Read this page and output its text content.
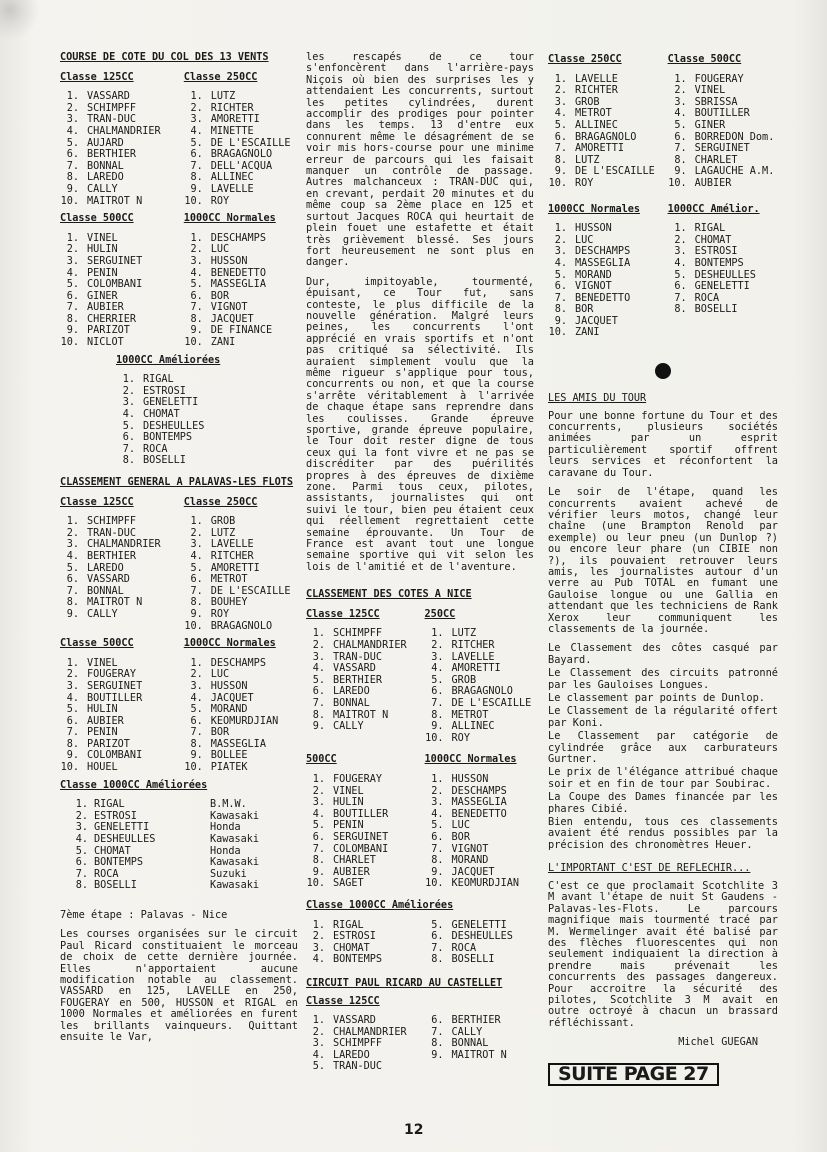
COURSE DE COTE DU COL DES 13 VENTS
Classe 125CC
1. VASSARD
2. SCHIMPFF
3. TRAN-DUC
4. CHALMANDRIER
5. AUJARD
6. BERTHIER
7. BONNAL
8. LAREDO
9. CALLY
10. MAITROT N
Classe 250CC
1. LUTZ
2. RICHTER
3. AMORETTI
4. MINETTE
5. DE L'ESCAILLE
6. BRAGAGNOLO
7. DELL'ACQUA
8. ALLINEC
9. LAVELLE
10. ROY
Classe 500CC
1. VINEL
2. HULIN
3. SERGUINET
4. PENIN
5. COLOMBANI
6. GINER
7. AUBIER
8. CHERRIER
9. PARIZOT
10. NICLOT
1000CC Normales
1. DESCHAMPS
2. LUC
3. HUSSON
4. BENEDETTO
5. MASSEGLIA
6. BOR
7. VIGNOT
8. JACQUET
9. DE FINANCE
10. ZANI
1000CC Améliorées
1. RIGAL
2. ESTROSI
3. GENELETTI
4. CHOMAT
5. DESHEULLES
6. BONTEMPS
7. ROCA
8. BOSELLI
CLASSEMENT GENERAL A PALAVAS-LES FLOTS
Classe 125CC
1. SCHIMPFF
2. TRAN-DUC
3. CHALMANDRIER
4. BERTHIER
5. LAREDO
6. VASSARD
7. BONNAL
8. MAITROT N
9. CALLY
Classe 250CC
1. GROB
2. LUTZ
3. LAVELLE
4. RITCHER
5. AMORETTI
6. METROT
7. DE L'ESCAILLE
8. BOUHEY
9. ROY
10. BRAGAGNOLO
Classe 500CC
1. VINEL
2. FOUGERAY
3. SERGUINET
4. BOUTILLER
5. HULIN
6. AUBIER
7. PENIN
8. PARIZOT
9. COLOMBANI
10. HOUEL
1000CC Normales
1. DESCHAMPS
2. LUC
3. HUSSON
4. JACQUET
5. MORAND
6. KEOMURDJIAN
7. BOR
8. MASSEGLIA
9. BOLLEE
10. PIATEK
Classe 1000CC Améliorées
1. RIGAL	B.M.W.
2. ESTROSI	Kawasaki
3. GENELETTI	Honda
4. DESHEULLES	Kawasaki
5. CHOMAT	Honda
6. BONTEMPS	Kawasaki
7. ROCA	Suzuki
8. BOSELLI	Kawasaki

7ème étape : Palavas - Nice

Les courses organisées sur le circuit Paul Ricard constituaient le morceau de choix de cette dernière journée. Elles n'apportaient aucune modification notable au classement. VASSARD en 125, LAVELLE en 250, FOUGERAY en 500, HUSSON et RIGAL en 1000 Normales et améliorées en furent les brillants vainqueurs. Quittant ensuite le Var,

les rescapés de ce tour s'enfoncèrent dans l'arrière-pays Niçois où bien des surprises les y attendaient Les concurrents, surtout les petites cylindrées, durent accomplir des prodiges pour pointer dans les temps. 13 d'entre eux connurent même le désagrément de se voir mis hors-course pour une minime erreur de parcours qui les faisait manquer un contrôle de passage. Autres malchanceux : TRAN-DUC qui, en crevant, perdait 20 minutes et du même coup sa 2ème place en 125 et surtout Jacques ROCA qui heurtait de plein fouet une estafette et était très grièvement blessé. Ses jours fort heureusement ne sont plus en danger.

Dur, impitoyable, tourmenté, épuisant, ce Tour fut, sans conteste, le plus difficile de la nouvelle génération. Malgré leurs peines, les concurrents l'ont apprécié en vrais sportifs et n'ont pas critiqué sa sélectivité. Ils auraient simplement voulu que la même rigueur s'applique pour tous, concurrents ou non, et que la course s'arrête véritablement à l'arrivée de chaque étape sans reprendre dans les coulisses. Grande épreuve sportive, grande épreuve populaire, le Tour doit rester digne de tous ceux qui la font vivre et ne pas se discréditer par des puérilités propres à des épreuves de dixième zone. Parmi tous ceux, pilotes, assistants, journalistes qui ont suivi le tour, bien peu étaient ceux qui réellement regrettaient cette semaine éprouvante. Un Tour de France est avant tout une longue semaine sportive qui vit selon les lois de l'amitié et de l'aventure.

CLASSEMENT DES COTES A NICE
Classe 125CC
1. SCHIMPFF
2. CHALMANDRIER
3. TRAN-DUC
4. VASSARD
5. BERTHIER
6. LAREDO
7. BONNAL
8. MAITROT N
9. CALLY
250CC
1. LUTZ
2. RITCHER
3. LAVELLE
4. AMORETTI
5. GROB
6. BRAGAGNOLO
7. DE L'ESCAILLE
8. METROT
9. ALLINEC
10. ROY
500CC
1. FOUGERAY
2. VINEL
3. HULIN
4. BOUTILLER
5. PENIN
6. SERGUINET
7. COLOMBANI
8. CHARLET
9. AUBIER
10. SAGET
1000CC Normales
1. HUSSON
2. DESCHAMPS
3. MASSEGLIA
4. BENEDETTO
5. LUC
6. BOR
7. VIGNOT
8. MORAND
9. JACQUET
10. KEOMURDJIAN
Classe 1000CC Améliorées
1. RIGAL
2. ESTROSI
3. CHOMAT
4. BONTEMPS
5. GENELETTI
6. DESHEULLES
7. ROCA
8. BOSELLI
CIRCUIT PAUL RICARD AU CASTELLET
Classe 125CC
1. VASSARD
2. CHALMANDRIER
3. SCHIMPFF
4. LAREDO
5. TRAN-DUC
6. BERTHIER
7. CALLY
8. BONNAL
9. MAITROT N
Classe 250CC
1. LAVELLE
2. RICHTER
3. GROB
4. METROT
5. ALLINEC
6. BRAGAGNOLO
7. AMORETTI
8. LUTZ
9. DE L'ESCAILLE
10. ROY
Classe 500CC
1. FOUGERAY
2. VINEL
3. SBRISSA
4. BOUTILLER
5. GINER
6. BORREDON Dom.
7. SERGUINET
8. CHARLET
9. LAGAUCHE A.M.
10. AUBIER
1000CC Normales
1. HUSSON
2. LUC
3. DESCHAMPS
4. MASSEGLIA
5. MORAND
6. VIGNOT
7. BENEDETTO
8. BOR
9. JACQUET
10. ZANI
1000CC Amélior.
1. RIGAL
2. CHOMAT
3. ESTROSI
4. BONTEMPS
5. DESHEULLES
6. GENELETTI
7. ROCA
8. BOSELLI
LES AMIS DU TOUR

Pour une bonne fortune du Tour et des concurrents, plusieurs sociétés animées par un esprit particulièrement sportif offrent leurs services et réconfortent la caravane du Tour.

Le soir de l'étape, quand les concurrents avaient achevé de vérifier leurs motos, changé leur chaîne (une Brampton Renold par exemple) ou leur pneu (un Dunlop ?) ou encore leur phare (un CIBIE non ?), ils pouvaient retrouver leurs amis, les journalistes autour d'un verre au Pub TOTAL en fumant une Gauloise longue ou une Gallia en attendant que les techniciens de Rank Xerox leur communiquent les classements de la journée.

Le Classement des côtes casqué par Bayard.

Le Classement des circuits patronné par les Gauloises Longues.

Le classement par points de Dunlop.

Le Classement de la régularité offert par Koni.

Le Classement par catégorie de cylindrée grâce aux carburateurs Gurtner.

Le prix de l'élégance attribué chaque soir et en fin de tour par Soubirac.

La Coupe des Dames financée par les phares Cibié.

Bien entendu, tous ces classements avaient été rendus possibles par la précision des chronomètres Heuer.

L'IMPORTANT C'EST DE REFLECHIR...

C'est ce que proclamait Scotchlite 3 M avant l'étape de nuit St Gaudens - Palavas-les-Flots. Le parcours magnifique mais tourmenté tracé par M. Wermelinger avait été balisé par des flèches fluorescentes qui non seulement indiquaient la direction à prendre mais prévenait les concurrents des passages dangereux. Pour accroitre la sécurité des pilotes, Scotchlite 3 M avait en outre octroyé à chacun un brassard réfléchissant.

Michel GUEGAN
SUITE PAGE 27
12
